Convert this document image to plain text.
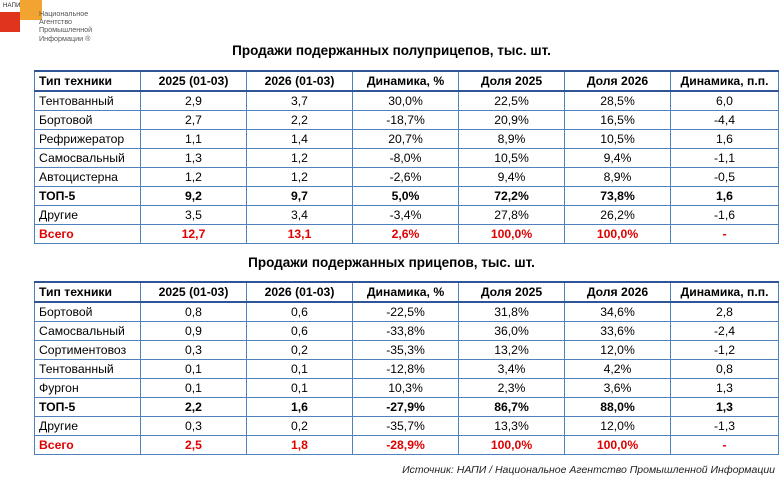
НАПИ
Национальное
Агентство
Промышленной
Информации ®
Продажи подержанных полуприцепов, тыс. шт.
Тип техники	2025 (01-03)	2026 (01-03)	Динамика, %	Доля 2025	Доля 2026	Динамика, п.п.
Тентованный	2,9	3,7	30,0%	22,5%	28,5%	6,0
Бортовой	2,7	2,2	-18,7%	20,9%	16,5%	-4,4
Рефрижератор	1,1	1,4	20,7%	8,9%	10,5%	1,6
Самосвальный	1,3	1,2	-8,0%	10,5%	9,4%	-1,1
Автоцистерна	1,2	1,2	-2,6%	9,4%	8,9%	-0,5
ТОП-5	9,2	9,7	5,0%	72,2%	73,8%	1,6
Другие	3,5	3,4	-3,4%	27,8%	26,2%	-1,6
Всего	12,7	13,1	2,6%	100,0%	100,0%	-
Продажи подержанных прицепов, тыс. шт.
Тип техники	2025 (01-03)	2026 (01-03)	Динамика, %	Доля 2025	Доля 2026	Динамика, п.п.
Бортовой	0,8	0,6	-22,5%	31,8%	34,6%	2,8
Самосвальный	0,9	0,6	-33,8%	36,0%	33,6%	-2,4
Сортиментовоз	0,3	0,2	-35,3%	13,2%	12,0%	-1,2
Тентованный	0,1	0,1	-12,8%	3,4%	4,2%	0,8
Фургон	0,1	0,1	10,3%	2,3%	3,6%	1,3
ТОП-5	2,2	1,6	-27,9%	86,7%	88,0%	1,3
Другие	0,3	0,2	-35,7%	13,3%	12,0%	-1,3
Всего	2,5	1,8	-28,9%	100,0%	100,0%	-
Источник: НАПИ / Национальное Агентство Промышленной Информации
